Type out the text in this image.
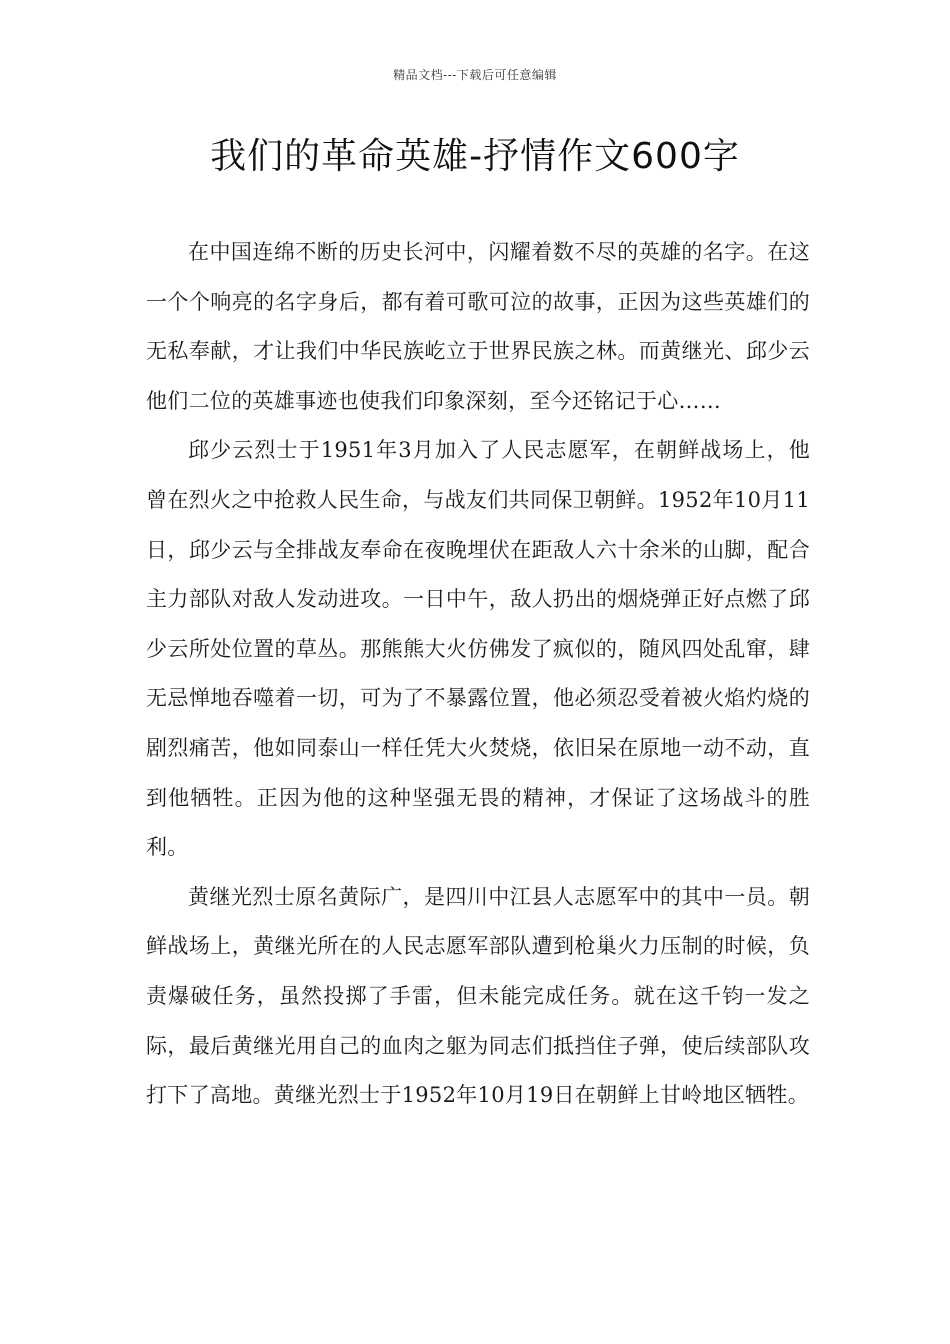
精品文档---下载后可任意编辑
我们的革命英雄-抒情作文600字

在中国连绵不断的历史长河中，闪耀着数不尽的英雄的名字。在这一个个响亮的名字身后，都有着可歌可泣的故事，正因为这些英雄们的无私奉献，才让我们中华民族屹立于世界民族之林。而黄继光、邱少云他们二位的英雄事迹也使我们印象深刻，至今还铭记于心……

邱少云烈士于1951年3月加入了人民志愿军，在朝鲜战场上，他曾在烈火之中抢救人民生命，与战友们共同保卫朝鲜。1952年10月11日，邱少云与全排战友奉命在夜晚埋伏在距敌人六十余米的山脚，配合主力部队对敌人发动进攻。一日中午，敌人扔出的烟烧弹正好点燃了邱少云所处位置的草丛。那熊熊大火仿佛发了疯似的，随风四处乱窜，肆无忌惮地吞噬着一切，可为了不暴露位置，他必须忍受着被火焰灼烧的剧烈痛苦，他如同泰山一样任凭大火焚烧，依旧呆在原地一动不动，直到他牺牲。正因为他的这种坚强无畏的精神，才保证了这场战斗的胜利。

黄继光烈士原名黄际广，是四川中江县人志愿军中的其中一员。朝鲜战场上，黄继光所在的人民志愿军部队遭到枪巢火力压制的时候，负责爆破任务，虽然投掷了手雷，但未能完成任务。就在这千钧一发之际，最后黄继光用自己的血肉之躯为同志们抵挡住子弹，使后续部队攻打下了高地。黄继光烈士于1952年10月19日在朝鲜上甘岭地区牺牲。
